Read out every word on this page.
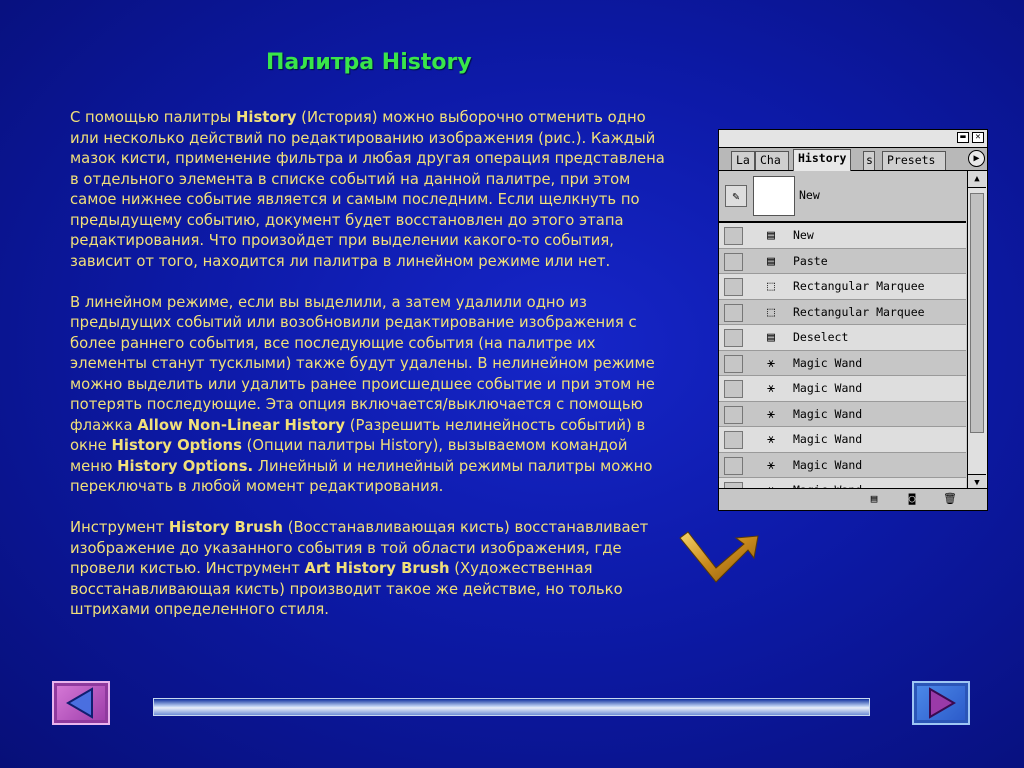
Палитра History

С помощью палитры History (История) можно выборочно отменить одно или несколько действий по редактированию изображения (рис.). Каждый мазок кисти, применение фильтра и любая другая операция представлена в отдельного элемента в списке событий на данной палитре, при этом самое нижнее событие является и самым последним. Если щелкнуть по предыдущему событию, документ будет восстановлен до этого этапа редактирования. Что произойдет при выделении какого-то события, зависит от того, находится ли палитра в линейном режиме или нет.

В линейном режиме, если вы выделили, а затем удалили одно из предыдущих событий или возобновили редактирование изображения с более раннего события, все последующие события (на палитре их элементы станут тусклыми) также будут удалены. В нелинейном режиме можно выделить или удалить ранее происшедшее событие и при этом не потерять последующие. Эта опция включается/выключается с помощью флажка Allow Non-Linear History (Разрешить нелинейность событий) в окне History Options (Опции палитры History), вызываемом командой меню History Options. Линейный и нелинейный режимы палитры можно переключать в любой момент редактирования.

Инструмент History Brush (Восстанавливающая кисть) восстанавливает изображение до указанного события в той области изображения, где провели кистью. Инструмент Art History Brush (Художественная восстанавливающая кисть) производит такое же действие, но только штрихами определенного стиля.

▬	✕
La Cha	History	s	Presets	▶
✎	New
▤	New
▤	Paste
⬚	Rectangular Marquee
⬚	Rectangular Marquee
▤	Deselect
⚹	Magic Wand
⚹	Magic Wand
⚹	Magic Wand
⚹	Magic Wand
⚹	Magic Wand
▲
▼
▤	◙	🗑
